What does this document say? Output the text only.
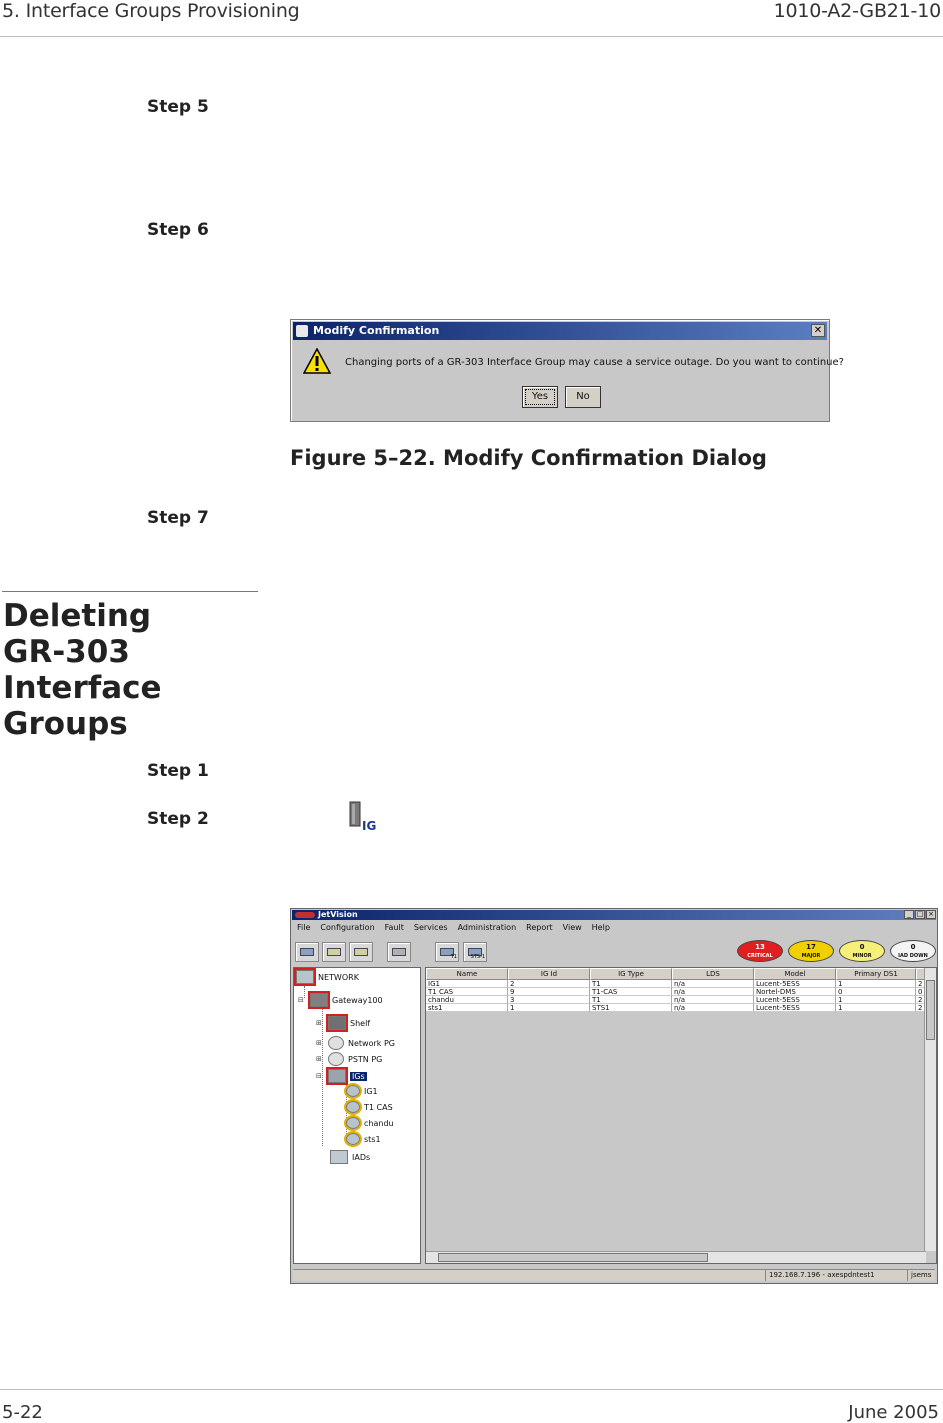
5. Interface Groups Provisioning	1010-A2-GB21-10
Step 5
Step 6
Modify Confirmation	✕
Changing ports of a GR-303 Interface Group may cause a service outage. Do you want to continue?
Yes	No
Figure 5–22. Modify Confirmation Dialog
Step 7
Deleting
GR-303
Interface
Groups
Step 1
Step 2	IG
JetVision	_ □ ×
File Configuration Fault Services Administration Report View Help
T1	STS-1
13
CRITICAL
17
MAJOR
0
MINOR
0
IAD DOWN
NETWORK
⊟	Gateway100
⊞	Shelf
⊞	Network PG
⊞	PSTN PG
⊟	IGs
IG1
T1 CAS
chandu
sts1
IADs
Name	IG Id	IG Type	LDS	Model	Primary DS1
IG1	2	T1	n/a	Lucent-5ESS	1	2
T1 CAS	9	T1-CAS	n/a	Nortel-DMS	0	0
chandu	3	T1	n/a	Lucent-5ESS	1	2
sts1	1	STS1	n/a	Lucent-5ESS	1	2
192.168.7.196 - axespdntest1	jsems
5-22	June 2005
